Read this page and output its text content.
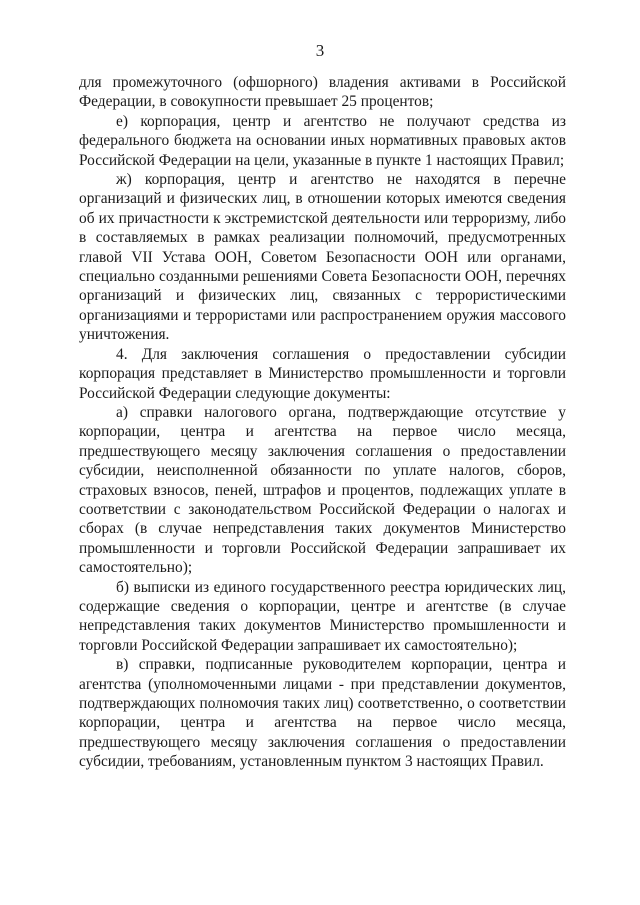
3

для промежуточного (офшорного) владения активами в Российской Федерации, в совокупности превышает 25 процентов;

е) корпорация, центр и агентство не получают средства из федерального бюджета на основании иных нормативных правовых актов Российской Федерации на цели, указанные в пункте 1 настоящих Правил;

ж) корпорация, центр и агентство не находятся в перечне организаций и физических лиц, в отношении которых имеются сведения об их причастности к экстремистской деятельности или терроризму, либо в составляемых в рамках реализации полномочий, предусмотренных главой VII Устава ООН, Советом Безопасности ООН или органами, специально созданными решениями Совета Безопасности ООН, перечнях организаций и физических лиц, связанных с террористическими организациями и террористами или распространением оружия массового уничтожения.

4. Для заключения соглашения о предоставлении субсидии корпорация представляет в Министерство промышленности и торговли Российской Федерации следующие документы:

а) справки налогового органа, подтверждающие отсутствие у корпорации, центра и агентства на первое число месяца, предшествующего месяцу заключения соглашения о предоставлении субсидии, неисполненной обязанности по уплате налогов, сборов, страховых взносов, пеней, штрафов и процентов, подлежащих уплате в соответствии с законодательством Российской Федерации о налогах и сборах (в случае непредставления таких документов Министерство промышленности и торговли Российской Федерации запрашивает их самостоятельно);

б) выписки из единого государственного реестра юридических лиц, содержащие сведения о корпорации, центре и агентстве (в случае непредставления таких документов Министерство промышленности и торговли Российской Федерации запрашивает их самостоятельно);

в) справки, подписанные руководителем корпорации, центра и агентства (уполномоченными лицами - при представлении документов, подтверждающих полномочия таких лиц) соответственно, о соответствии корпорации, центра и агентства на первое число месяца, предшествующего месяцу заключения соглашения о предоставлении субсидии, требованиям, установленным пунктом 3 настоящих Правил.
